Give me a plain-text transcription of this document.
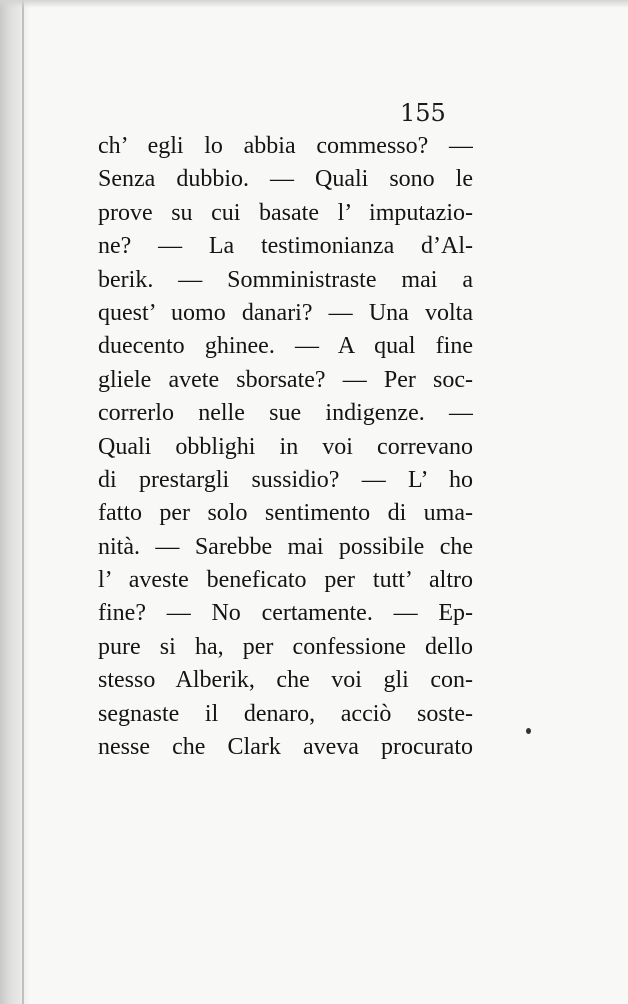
155
ch’ egli lo abbia commesso? —
Senza dubbio. — Quali sono le
prove su cui basate l’ imputazio-
ne? — La testimonianza d’Al-
berik. — Somministraste mai a
quest’ uomo danari? — Una volta
duecento ghinee. — A qual fine
gliele avete sborsate? — Per soc-
correrlo nelle sue indigenze. —
Quali obblighi in voi correvano
di prestargli sussidio? — L’ ho
fatto per solo sentimento di uma-
nità. — Sarebbe mai possibile che
l’ aveste beneficato per tutt’ altro
fine? — No certamente. — Ep-
pure si ha, per confessione dello
stesso Alberik, che voi gli con-
segnaste il denaro, acciò soste-
nesse che Clark aveva procurato
